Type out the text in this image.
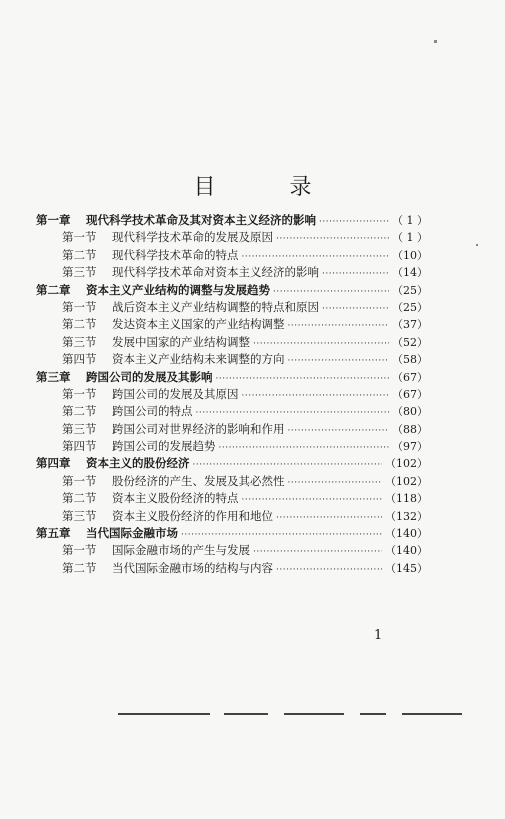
目　录
第一章	现代科学技术革命及其对资本主义经济的影响 ·····	（ 1 ）
第一节	现代科学技术革命的发展及原因 ·····	（ 1 ）
第二节	现代科学技术革命的特点 ·····	（10）
第三节	现代科学技术革命对资本主义经济的影响 ·····	（14）
第二章	资本主义产业结构的调整与发展趋势 ·····	（25）
第一节	战后资本主义产业结构调整的特点和原因 ·····	（25）
第二节	发达资本主义国家的产业结构调整 ·····	（37）
第三节	发展中国家的产业结构调整 ·····	（52）
第四节	资本主义产业结构未来调整的方向 ·····	（58）
第三章	跨国公司的发展及其影响 ·····	（67）
第一节	跨国公司的发展及其原因 ·····	（67）
第二节	跨国公司的特点 ·····	（80）
第三节	跨国公司对世界经济的影响和作用 ·····	（88）
第四节	跨国公司的发展趋势 ·····	（97）
第四章	资本主义的股份经济 ·····	（102）
第一节	股份经济的产生、发展及其必然性 ·····	（102）
第二节	资本主义股份经济的特点 ·····	（118）
第三节	资本主义股份经济的作用和地位 ·····	（132）
第五章	当代国际金融市场 ·····	（140）
第一节	国际金融市场的产生与发展 ·····	（140）
第二节	当代国际金融市场的结构与内容 ·····	（145）
1
